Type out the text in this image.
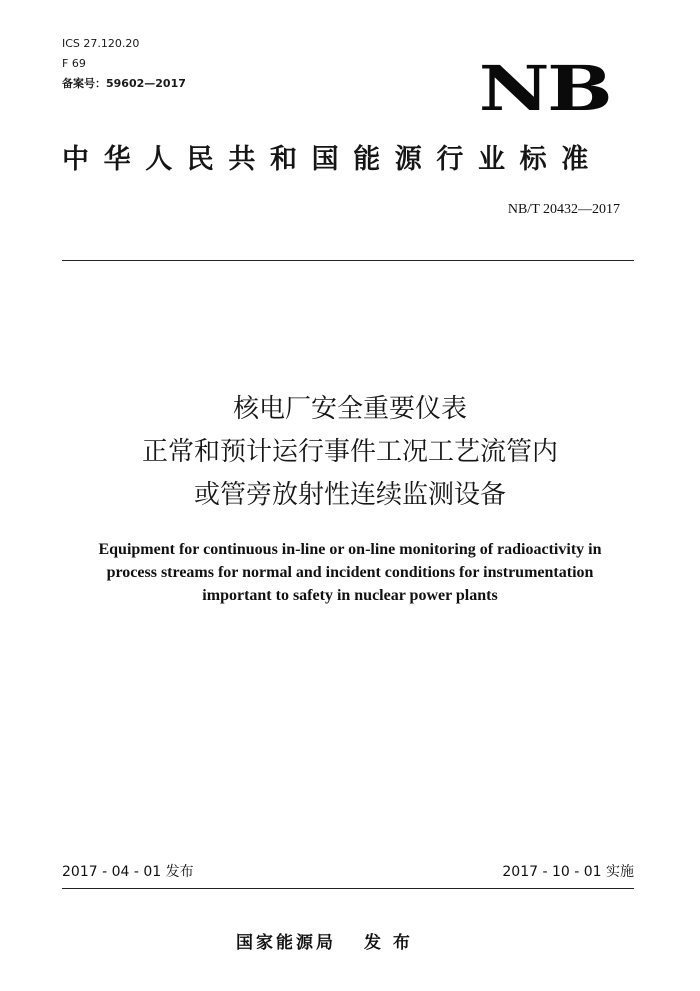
ICS 27.120.20
F 69
备案号：59602—2017	NB
中华人民共和国能源行业标准
NB/T 20432—2017
核电厂安全重要仪表
正常和预计运行事件工况工艺流管内
或管旁放射性连续监测设备
Equipment for continuous in-line or on-line monitoring of radioactivity in
process streams for normal and incident conditions for instrumentation
important to safety in nuclear power plants
2017 - 04 - 01 发布	2017 - 10 - 01 实施
国家能源局 发 布
